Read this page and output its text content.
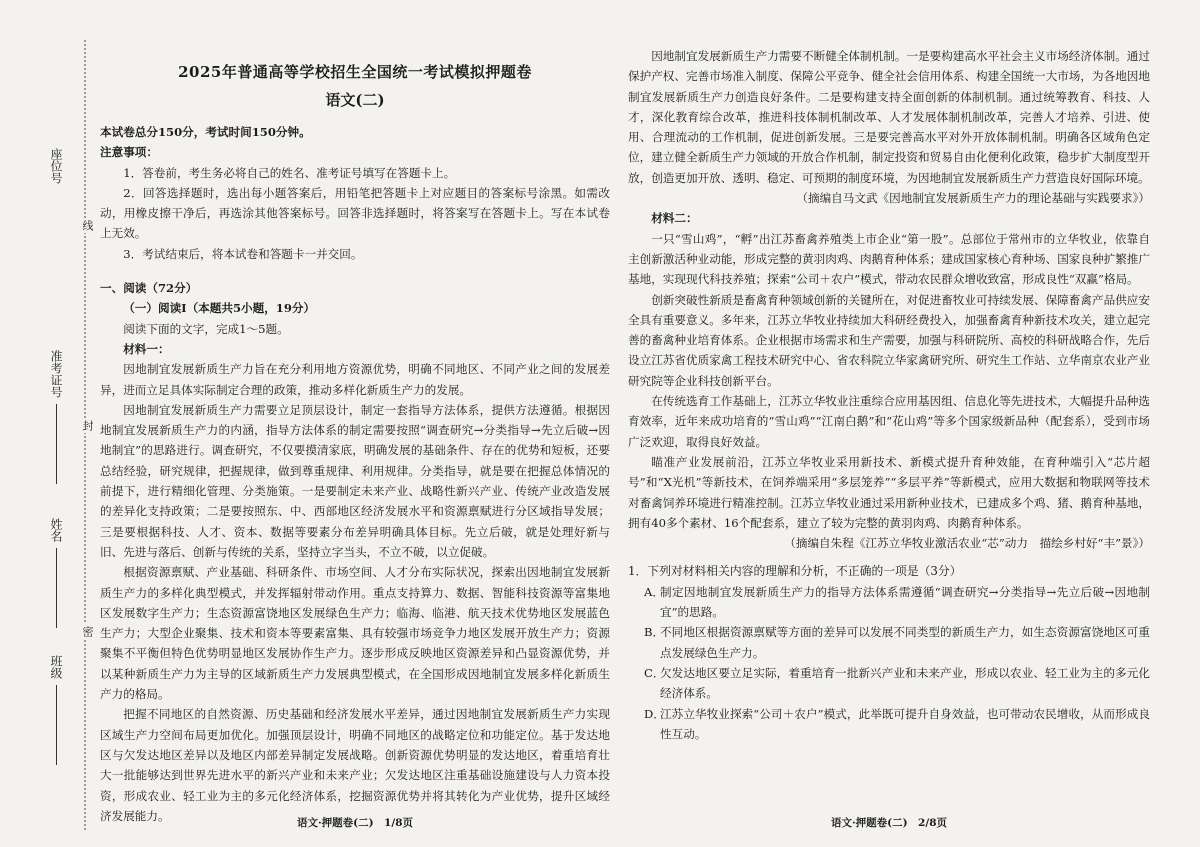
线
封
密
座位号
准考证号
姓名
班级
2025年普通高等学校招生全国统一考试模拟押题卷
语文(二)

本试卷总分150分，考试时间150分钟。

注意事项：

1．答卷前，考生务必将自己的姓名、准考证号填写在答题卡上。

2．回答选择题时，选出每小题答案后，用铅笔把答题卡上对应题目的答案标号涂黑。如需改动，用橡皮擦干净后，再选涂其他答案标号。回答非选择题时，将答案写在答题卡上。写在本试卷上无效。

3．考试结束后，将本试卷和答题卡一并交回。

一、阅读（72分）

（一）阅读Ⅰ（本题共5小题，19分）

阅读下面的文字，完成1～5题。

材料一：

因地制宜发展新质生产力旨在充分利用地方资源优势，明确不同地区、不同产业之间的发展差异，进而立足具体实际制定合理的政策，推动多样化新质生产力的发展。

因地制宜发展新质生产力需要立足顶层设计，制定一套指导方法体系，提供方法遵循。根据因地制宜发展新质生产力的内涵，指导方法体系的制定需要按照“调查研究→分类指导→先立后破→因地制宜”的思路进行。调查研究，不仅要摸清家底，明确发展的基础条件、存在的优势和短板，还要总结经验，研究规律，把握规律，做到尊重规律、利用规律。分类指导，就是要在把握总体情况的前提下，进行精细化管理、分类施策。一是要制定未来产业、战略性新兴产业、传统产业改造发展的差异化支持政策；二是要按照东、中、西部地区经济发展水平和资源禀赋进行分区域指导发展；三是要根据科技、人才、资本、数据等要素分布差异明确具体目标。先立后破，就是处理好新与旧、先进与落后、创新与传统的关系，坚持立字当头，不立不破，以立促破。

根据资源禀赋、产业基础、科研条件、市场空间、人才分布实际状况，探索出因地制宜发展新质生产力的多样化典型模式，并发挥辐射带动作用。重点支持算力、数据、智能科技资源等富集地区发展数字生产力；生态资源富饶地区发展绿色生产力；临海、临港、航天技术优势地区发展蓝色生产力；大型企业聚集、技术和资本等要素富集、具有较强市场竞争力地区发展开放生产力；资源聚集不平衡但特色优势明显地区发展协作生产力。逐步形成反映地区资源差异和凸显资源优势，并以某种新质生产力为主导的区域新质生产力发展典型模式，在全国形成因地制宜发展多样化新质生产力的格局。

把握不同地区的自然资源、历史基础和经济发展水平差异，通过因地制宜发展新质生产力实现区域生产力空间布局更加优化。加强顶层设计，明确不同地区的战略定位和功能定位。基于发达地区与欠发达地区差异以及地区内部差异制定发展战略。创新资源优势明显的发达地区，着重培育壮大一批能够达到世界先进水平的新兴产业和未来产业；欠发达地区注重基础设施建设与人力资本投资，形成农业、轻工业为主的多元化经济体系，挖掘资源优势并将其转化为产业优势，提升区域经济发展能力。

语文·押题卷(二)　1/8页

因地制宜发展新质生产力需要不断健全体制机制。一是要构建高水平社会主义市场经济体制。通过保护产权、完善市场准入制度、保障公平竞争、健全社会信用体系、构建全国统一大市场，为各地因地制宜发展新质生产力创造良好条件。二是要构建支持全面创新的体制机制。通过统筹教育、科技、人才，深化教育综合改革，推进科技体制机制改革、人才发展体制机制改革，完善人才培养、引进、使用、合理流动的工作机制，促进创新发展。三是要完善高水平对外开放体制机制。明确各区域角色定位，建立健全新质生产力领域的开放合作机制，制定投资和贸易自由化便利化政策，稳步扩大制度型开放，创造更加开放、透明、稳定、可预期的制度环境，为因地制宜发展新质生产力营造良好国际环境。

（摘编自马文武《因地制宜发展新质生产力的理论基础与实践要求》）

材料二：

一只“雪山鸡”，“孵”出江苏畜禽养殖类上市企业“第一股”。总部位于常州市的立华牧业，依靠自主创新激活种业动能，形成完整的黄羽肉鸡、肉鹅育种体系；建成国家核心育种场、国家良种扩繁推广基地，实现现代科技养殖；探索“公司＋农户”模式，带动农民群众增收致富，形成良性“双赢”格局。

创新突破性新质是畜禽育种领域创新的关键所在，对促进畜牧业可持续发展、保障畜禽产品供应安全具有重要意义。多年来，江苏立华牧业持续加大科研经费投入，加强畜禽育种新技术攻关，建立起完善的畜禽种业培育体系。企业根据市场需求和生产需要，加强与科研院所、高校的科研战略合作，先后设立江苏省优质家禽工程技术研究中心、省农科院立华家禽研究所、研究生工作站、立华南京农业产业研究院等企业科技创新平台。

在传统选育工作基础上，江苏立华牧业注重综合应用基因组、信息化等先进技术，大幅提升品种选育效率，近年来成功培育的“雪山鸡”“江南白鹅”和“花山鸡”等多个国家级新品种（配套系），受到市场广泛欢迎，取得良好效益。

瞄准产业发展前沿，江苏立华牧业采用新技术、新模式提升育种效能，在育种端引入“芯片超号”和“X光机”等新技术，在饲养端采用“多层笼养”“多层平养”等新模式，应用大数据和物联网等技术对畜禽饲养环境进行精准控制。江苏立华牧业通过采用新种业技术，已建成多个鸡、猪、鹅育种基地，拥有40多个素材、16个配套系，建立了较为完整的黄羽肉鸡、肉鹅育种体系。

（摘编自朱程《江苏立华牧业激活农业“芯”动力　描绘乡村好“丰”景》）

1．下列对材料相关内容的理解和分析，不正确的一项是（3分）

A．
制定因地制宜发展新质生产力的指导方法体系需遵循“调查研究→分类指导→先立后破→因地制宜”的思路。
B．
不同地区根据资源禀赋等方面的差异可以发展不同类型的新质生产力，如生态资源富饶地区可重点发展绿色生产力。
C．
欠发达地区要立足实际，着重培育一批新兴产业和未来产业，形成以农业、轻工业为主的多元化经济体系。
D．
江苏立华牧业探索“公司＋农户”模式，此举既可提升自身效益，也可带动农民增收，从而形成良性互动。
语文·押题卷(二)　2/8页
